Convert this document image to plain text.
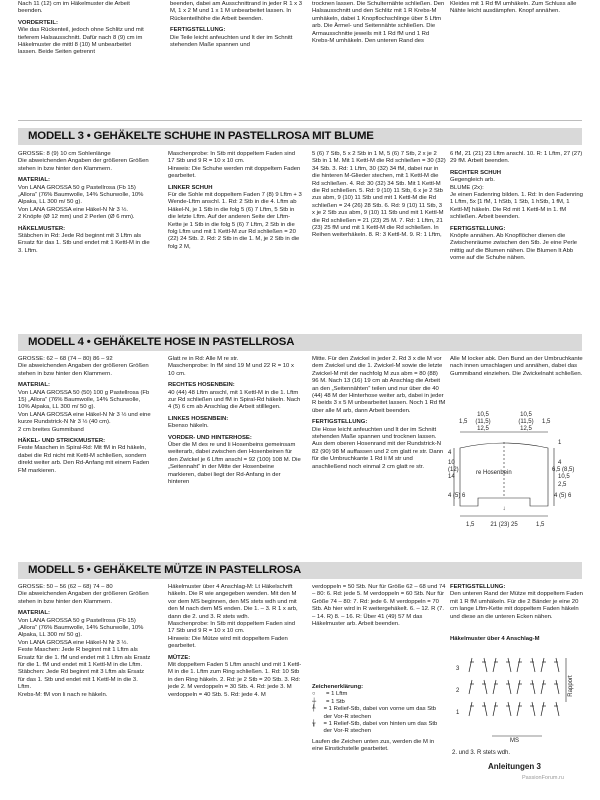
Nach 11 (12) cm im Häkelmuster die Arbeit beenden.

VORDERTEIL:

Wie das Rückenteil, jedoch ohne Schlitz und mit tieferem Halsausschnitt. Dafür nach 8 (9) cm im Häkelmuster die mittl 8 (10) M unbearbeitet lassen. Beide Seiten getrennt

beenden, dabei am Ausschnittrand in jeder R 1 x 3 M, 1 x 2 M und 1 x 1 M unbearbeitet lassen. In Rückenteilhöhe die Arbeit beenden.

FERTIGSTELLUNG:

Die Teile leicht anfeuchten und lt der im Schnitt stehenden Maße spannen und

trocknen lassen. Die Schulternähte schließen. Den Halsausschnitt und den Schlitz mit 1 R Krebs-M umhäkeln, dabei 1 Knopflochschlinge über 5 Lftm arb. Die Ärmel- und Seitennähte schließen. Die Armausschnitte jeweils mit 1 Rd fM und 1 Rd Krebs-M umhäkeln. Den unteren Rand des

Kleides mit 1 Rd fM umhäkeln. Zum Schluss alle Nähte leicht ausdämpfen. Knopf annähen.

MODELL 3 • GEHÄKELTE SCHUHE IN PASTELLROSA MIT BLUME

GRÖSSE: 8 (9) 10 cm Sohlenlänge

Die abweichenden Angaben der größeren Größen stehen in bzw hinter den Klammern.

MATERIAL:

Von LANA GROSSA 50 g Pastellrosa (Fb 15) „Allora“ (76% Baumwolle, 14% Schurwolle, 10% Alpaka, LL 300 m/ 50 g).

Von LANA GROSSA eine Häkel-N Nr 3 ½.

2 Knöpfe (Ø 12 mm) und 2 Perlen (Ø 6 mm).

HÄKELMUSTER:

Stäbchen in Rd: Jede Rd beginnt mit 3 Lftm als Ersatz für das 1. Stb und endet mit 1 Kettl-M in die 3. Lftm.

Maschenprobe: In Stb mit doppeltem Faden sind 17 Stb und 9 R = 10 x 10 cm.

Hinweis: Die Schuhe werden mit doppeltem Faden gearbeitet.

LINKER SCHUH

Für die Sohle mit doppeltem Faden 7 (8) 9 Lftm + 3 Wende-Lftm anschl. 1. Rd: 2 Stb in die 4. Lftm ab Häkel-N, je 1 Stb in die folg 5 (6) 7 Lftm, 5 Stb in die letzte Lftm. Auf der anderen Seite der Lftm-Kette je 1 Stb in die folg 5 (6) 7 Lftm, 2 Stb in die folg Lftm und mit 1 Kettl-M zur Rd schließen = 20 (22) 24 Stb. 2. Rd: 2 Stb in die 1. M, je 2 Stb in die folg 2 M,

5 (6) 7 Stb, 5 x 2 Stb in 1 M, 5 (6) 7 Stb, 2 x je 2 Stb in 1 M. Mit 1 Kettl-M die Rd schließen = 30 (32) 34 Stb. 3. Rd: 1 Lftm, 30 (32) 34 fM, dabei nur in die hinteren M-Glieder stechen, mit 1 Kettl-M die Rd schließen. 4. Rd: 30 (32) 34 Stb. Mit 1 Kettl-M die Rd schließen. 5. Rd: 9 (10) 11 Stb, 6 x je 2 Stb zus abm, 9 (10) 11 Stb und mit 1 Kettl-M die Rd schließen = 24 (26) 28 Stb. 6. Rd: 9 (10) 11 Stb, 3 x je 2 Stb zus abm, 9 (10) 11 Stb und mit 1 Kettl-M die Rd schließen = 21 (23) 25 M. 7. Rd: 1 Lftm, 21 (23) 25 fM und mit 1 Kettl-M die Rd schließen. In Reihen weiterhäkeln. 8. R: 3 Kettl-M. 9. R: 1 Lftm,

6 fM, 21 (21) 23 Lftm anschl. 10. R: 1 Lftm, 27 (27) 29 fM. Arbeit beenden.

RECHTER SCHUH

Gegengleich arb.

BLUME (2x):

Je einen Fadenring bilden. 1. Rd: In den Fadenring 1 Lftm, 5x [1 fM, 1 hStb, 1 Stb, 1 hStb, 1 fM, 1 Kettl-M] häkeln. Die Rd mit 1 Kettl-M in 1. fM schließen. Arbeit beenden.

FERTIGSTELLUNG:

Knöpfe annähen. Ab Knopflöcher dienen die Zwischenräume zwischen den Stb. Je eine Perle mittig auf die Blumen nähen. Die Blumen lt Abb vorne auf die Schuhe nähen.

MODELL 4 • GEHÄKELTE HOSE IN PASTELLROSA

GRÖSSE: 62 – 68 (74 – 80) 86 – 92

Die abweichenden Angaben der größeren Größen stehen in bzw hinter den Klammern.

MATERIAL:

Von LANA GROSSA 50 (50) 100 g Pastellrosa (Fb 15) „Allora“ (76% Baumwolle, 14% Schurwolle, 10% Alpaka, LL 300 m/ 50 g).

Von LANA GROSSA eine Häkel-N Nr 3 ½ und eine kurze Rundstrick-N Nr 3 ½ (40 cm).

2 cm breites Gummiband

HÄKEL- UND STRICKMUSTER:

Feste Maschen in Spiral-Rd: Mit fM in Rd häkeln, dabei die Rd nicht mit Kettl-M schließen, sondern direkt weiter arb. Den Rd-Anfang mit einem Faden FM markieren.

Glatt re in Rd: Alle M re str.

Maschenprobe: In fM sind 19 M und 22 R = 10 x 10 cm.

RECHTES HOSENBEIN:

40 (44) 48 Lftm anschl, mit 1 Kettl-M in die 1. Lftm zur Rd schließen und fM in Spiral-Rd häkeln. Nach 4 (5) 6 cm ab Anschlag die Arbeit stilllegen.

LINKES HOSENBEIN:

Ebenso häkeln.

VORDER- UND HINTERHOSE:

Über die M des re und li Hosenbeins gemeinsam weiterarb, dabei zwischen den Hosenbeinen für den Zwickel je 6 Lftm anschl = 92 (100) 108 M. Die „Seitennaht“ in der Mitte der Hosenbeine markieren, dabei liegt der Rd-Anfang in der hinteren

Mitte. Für den Zwickel in jeder 2. Rd 3 x die M vor dem Zwickel und die 1. Zwickel-M sowie die letzte Zwickel-M mit der nachfolg M zus abm = 80 (88) 96 M. Nach 13 (16) 19 cm ab Anschlag die Arbeit an den „Seitennähten“ teilen und nur über die 40 (44) 48 M der Hinterhose weiter arb, dabei in jeder R beids 3 x 5 M unbearbeitet lassen. Noch 1 Rd fM über alle M arb, dann Arbeit beenden.

FERTIGSTELLUNG:

Die Hose leicht anfeuchten und lt der im Schnitt stehenden Maße spannen und trocknen lassen. Aus dem oberen Hosenrand mit der Rundstrick-N 82 (90) 98 M auffassen und 2 cm glatt re str. Dann für die Umbruchkante 1 Rd li M str und anschließend noch einmal 2 cm glatt re str.

Alle M locker abk. Den Bund an der Umbruchkante nach innen umschlagen und annähen, dabei das Gummiband einziehen. Die Zwickelnaht schließen.

10,5
(11,5)
12,5
10,5
(11,5)
12,5
1,5	1,5
4
10
(12)
14
4 (5) 6
re Hosenbein
1
4
6,5 (8,5)
10,5
2,5
4 (5) 6
21 (23) 25
1,5	1,5
↓
MODELL 5 • GEHÄKELTE MÜTZE IN PASTELLROSA

GRÖSSE: 50 – 56 (62 – 68) 74 – 80

Die abweichenden Angaben der größeren Größen stehen in bzw hinter den Klammern.

MATERIAL:

Von LANA GROSSA 50 g Pastellrosa (Fb 15) „Allora“ (76% Baumwolle, 14% Schurwolle, 10% Alpaka, LL 300 m/ 50 g).

Von LANA GROSSA eine Häkel-N Nr 3 ½.

Feste Maschen: Jede R beginnt mit 1 Lftm als Ersatz für die 1. fM und endet mit 1 Lftm als Ersatz für die 1. fM und endet mit 1 Kettl-M in die Lftm.

Stäbchen: Jede Rd beginnt mit 3 Lftm als Ersatz für das 1. Stb und endet mit 1 Kettl-M in die 3. Lftm.

Krebs-M: fM von li nach re häkeln.

Häkelmuster über 4 Anschlag-M: Lt Häkelschrift häkeln. Die R wie angegeben wenden. Mit den M vor dem MS beginnen, den MS stets wdh und mit den M nach dem MS enden. Die 1. – 3. R 1 x arb, dann die 2. und 3. R stets wdh.

Maschenprobe: In Stb mit doppeltem Faden sind 17 Stb und 9 R = 10 x 10 cm.

Hinweis: Die Mütze wird mit doppeltem Faden gearbeitet.

MÜTZE:

Mit doppeltem Faden 5 Lftm anschl und mit 1 Kettl-M in die 1. Lftm zum Ring schließen. 1. Rd: 10 Stb in den Ring häkeln. 2. Rd: je 2 Stb = 20 Stb. 3. Rd: jede 2. M verdoppeln = 30 Stb. 4. Rd: jede 3. M verdoppeln = 40 Stb. 5. Rd: jede 4. M

verdoppeln = 50 Stb. Nur für Größe 62 – 68 und 74 – 80: 6. Rd: jede 5. M verdoppeln = 60 Stb. Nur für Größe 74 – 80: 7. Rd: jede 6. M verdoppeln = 70 Stb. Ab hier wird in R weitergehäkelt. 6. – 12. R (7. – 14. R) 8. – 16. R: Über 41 (49) 57 M das Häkelmuster arb. Arbeit beenden.

Zeichenerklärung:

○	= 1 Lftm
┼	= 1 Stb
╀	= 1 Relief-Stb, dabei von vorne um das Stb der Vor-R stechen
╁	= 1 Relief-Stb, dabei von hinten um das Stb der Vor-R stechen

Laufen die Zeichen unten zus, werden die M in eine Einstichstelle gearbeitet.

FERTIGSTELLUNG:

Den unteren Rand der Mütze mit doppeltem Faden mit 1 R fM umhäkeln. Für die 2 Bänder je eine 20 cm lange Lftm-Kette mit doppeltem Faden häkeln und diese an die unteren Ecken nähen.

Häkelmuster über 4 Anschlag-M

3
2
1
MS
2. und 3. R stets wdh.
Rapport
Anleitungen 3
PassionForum.ru
